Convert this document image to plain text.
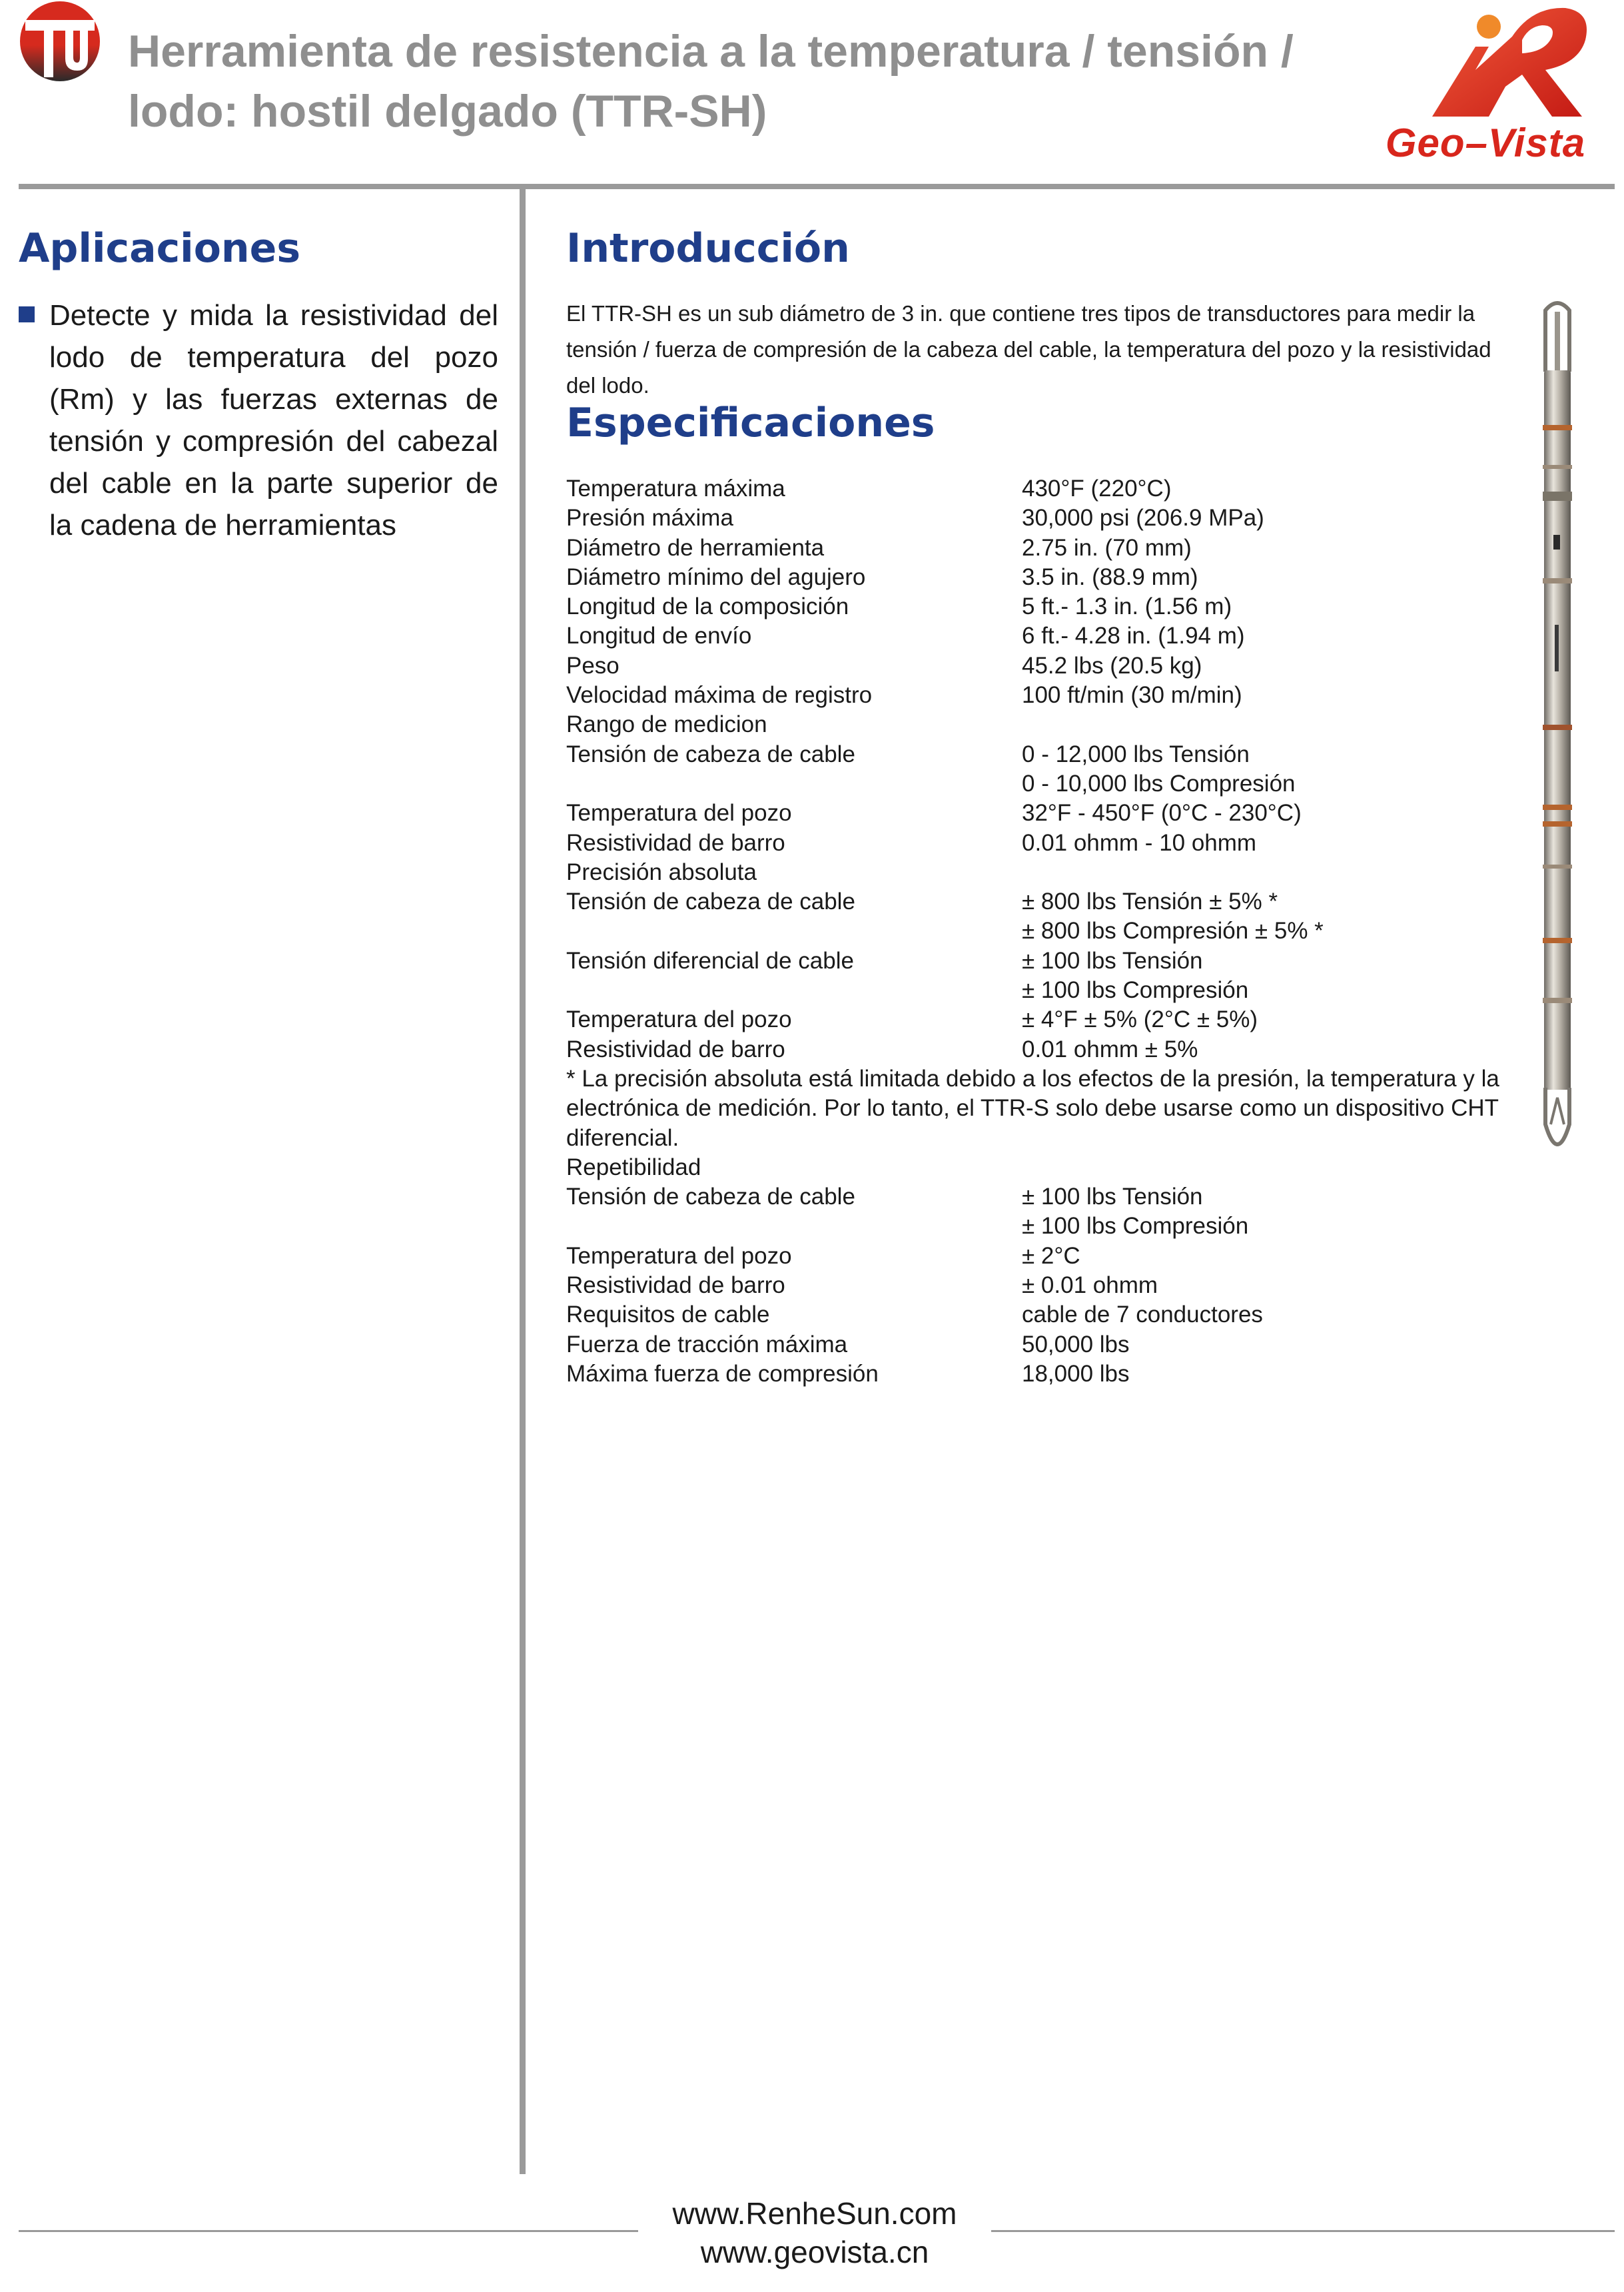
Herramienta de resistencia a la temperatura / tensión /
lodo: hostil delgado (TTR-SH)
Geo–Vista
Aplicaciones
Detecte y mida la resistividad del lodo de temperatura del pozo (Rm) y las fuerzas externas de tensión y compresión del cabezal del cable en la parte superior de la cadena de herramientas
Introducción

El TTR-SH es un sub diámetro de 3 in. que contiene tres tipos de transductores para medir la tensión / fuerza de compresión de la cabeza del cable, la temperatura del pozo y la resistividad del lodo.

Especificaciones
Temperatura máxima	430°F (220°C)
Presión máxima	30,000 psi (206.9 MPa)
Diámetro de herramienta	2.75 in. (70 mm)
Diámetro mínimo del agujero	3.5 in. (88.9 mm)
Longitud de la composición	5 ft.- 1.3 in. (1.56 m)
Longitud de envío	6 ft.- 4.28 in. (1.94 m)
Peso	45.2 lbs (20.5 kg)
Velocidad máxima de registro	100 ft/min (30 m/min)
Rango de medicion
Tensión de cabeza de cable	0 - 12,000 lbs Tensión
0 - 10,000 lbs Compresión
Temperatura del pozo	32°F - 450°F (0°C - 230°C)
Resistividad de barro	0.01 ohmm - 10 ohmm
Precisión absoluta
Tensión de cabeza de cable	± 800 lbs Tensión ± 5% *
± 800 lbs Compresión ± 5% *
Tensión diferencial de cable	± 100 lbs Tensión
± 100 lbs Compresión
Temperatura del pozo	± 4°F ± 5% (2°C ± 5%)
Resistividad de barro	0.01 ohmm ± 5%
* La precisión absoluta está limitada debido a los efectos de la presión, la temperatura y la electrónica de medición. Por lo tanto, el TTR-S solo debe usarse como un dispositivo CHT diferencial.
Repetibilidad
Tensión de cabeza de cable	± 100 lbs Tensión
± 100 lbs Compresión
Temperatura del pozo	± 2°C
Resistividad de barro	± 0.01 ohmm
Requisitos de cable	cable de 7 conductores
Fuerza de tracción máxima	50,000 lbs
Máxima fuerza de compresión	18,000 lbs
www.RenheSun.com
www.geovista.cn
